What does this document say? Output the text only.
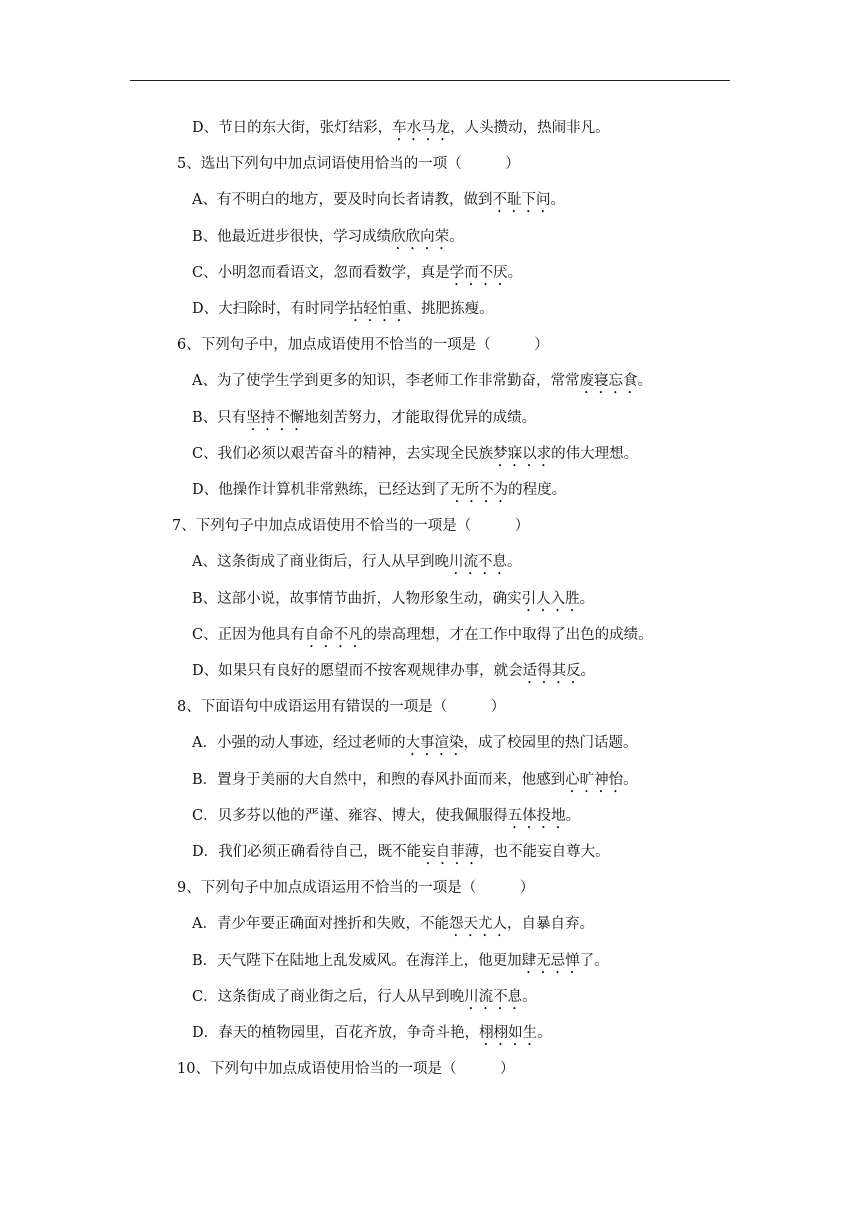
D、节日的东大街，张灯结彩，车水马龙，人头攒动，热闹非凡。
5、选出下列句中加点词语使用恰当的一项（　　　）
A、有不明白的地方，要及时向长者请教，做到不耻下问。
B、他最近进步很快，学习成绩欣欣向荣。
C、小明忽而看语文，忽而看数学，真是学而不厌。
D、大扫除时，有时同学拈轻怕重、挑肥拣瘦。
6、下列句子中，加点成语使用不恰当的一项是（　　　）
A、为了使学生学到更多的知识，李老师工作非常勤奋，常常废寝忘食。
B、只有坚持不懈地刻苦努力，才能取得优异的成绩。
C、我们必须以艰苦奋斗的精神，去实现全民族梦寐以求的伟大理想。
D、他操作计算机非常熟练，已经达到了无所不为的程度。
7、下列句子中加点成语使用不恰当的一项是（　　　）
A、这条街成了商业街后，行人从早到晚川流不息。
B、这部小说，故事情节曲折，人物形象生动，确实引人入胜。
C、正因为他具有自命不凡的崇高理想，才在工作中取得了出色的成绩。
D、如果只有良好的愿望而不按客观规律办事，就会适得其反。
8、下面语句中成语运用有错误的一项是（　　　）
A．小强的动人事迹，经过老师的大事渲染，成了校园里的热门话题。
B．置身于美丽的大自然中，和煦的春风扑面而来，他感到心旷神怡。
C．贝多芬以他的严谨、雍容、博大，使我佩服得五体投地。
D．我们必须正确看待自己，既不能妄自菲薄，也不能妄自尊大。
9、下列句子中加点成语运用不恰当的一项是（　　　）
A．青少年要正确面对挫折和失败，不能怨天尤人，自暴自弃。
B．天气陛下在陆地上乱发威风。在海洋上，他更加肆无忌惮了。
C．这条街成了商业街之后，行人从早到晚川流不息。
D．春天的植物园里，百花齐放，争奇斗艳，栩栩如生。
10、下列句中加点成语使用恰当的一项是（　　　）
